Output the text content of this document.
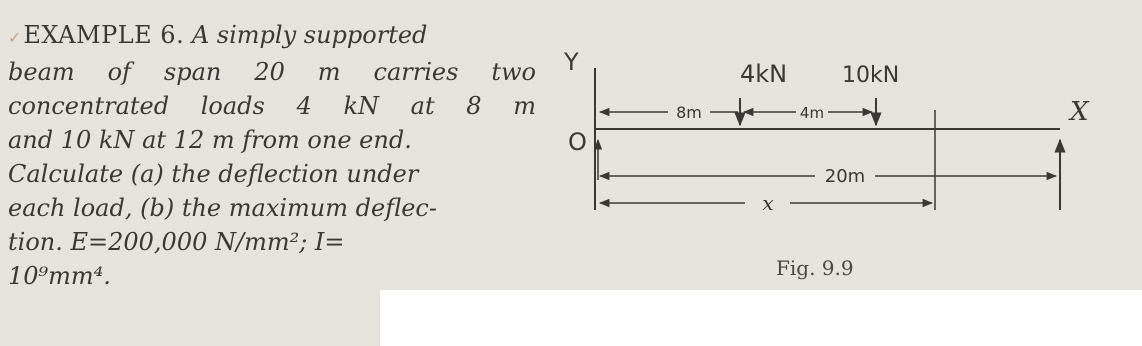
✓EXAMPLE 6. A simply supported
beam of span 20 m carries two
concentrated loads 4 kN at 8 m
and 10 kN at 12 m from one end.
Calculate (a) the deflection under
each load, (b) the maximum deflec-
tion. E=200,000 N/mm²; I=
10⁹mm⁴.
8m	4m
20m
x
Y
O
4kN 10kN
X
Fig. 9.9
